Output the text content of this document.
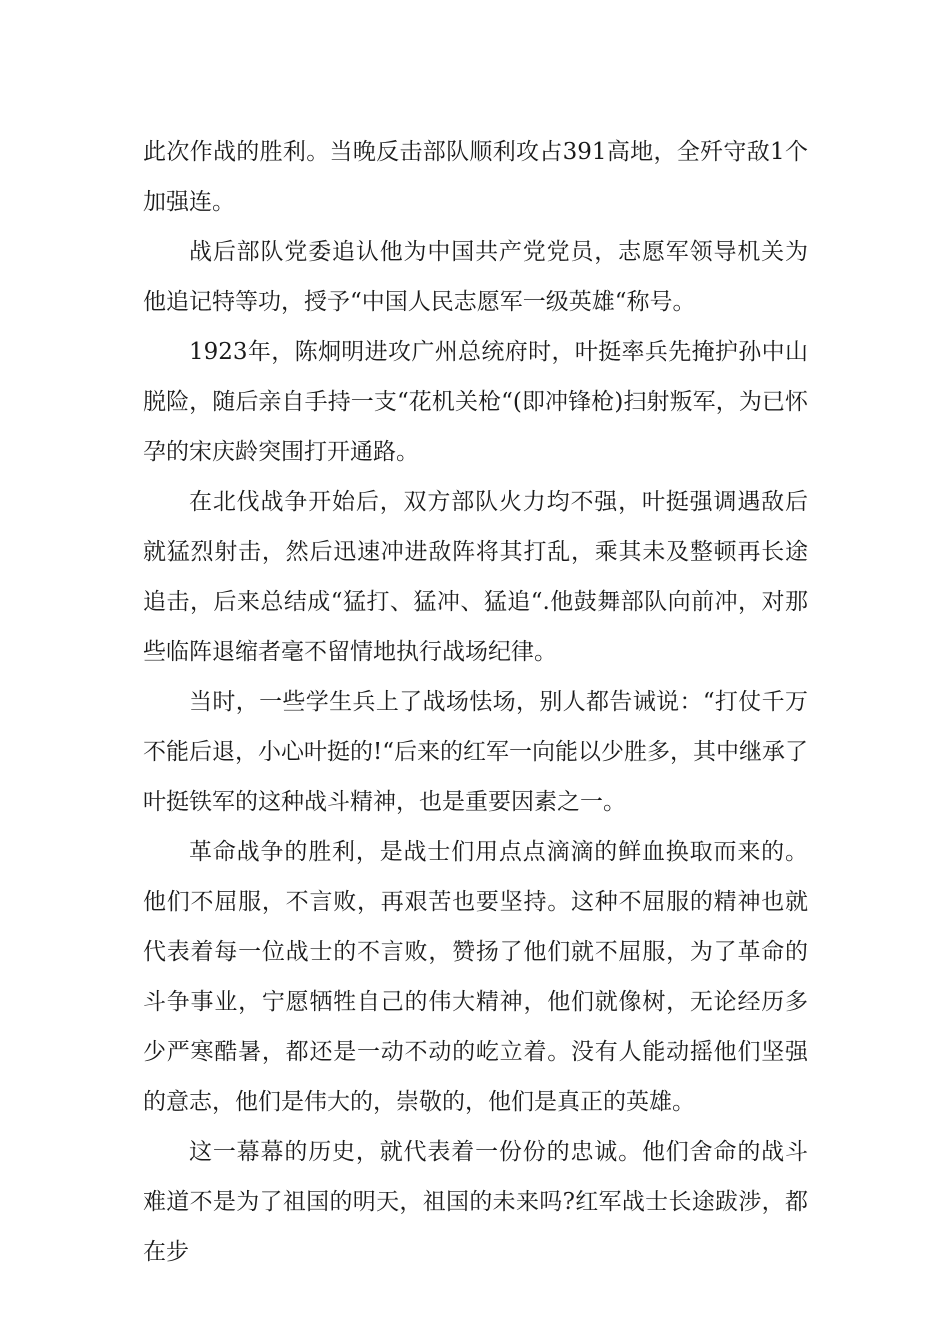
此次作战的胜利。当晚反击部队顺利攻占391高地，全歼守敌1个加强连。

战后部队党委追认他为中国共产党党员，志愿军领导机关为他追记特等功，授予“中国人民志愿军一级英雄“称号。

1923年，陈炯明进攻广州总统府时，叶挺率兵先掩护孙中山脱险，随后亲自手持一支“花机关枪“(即冲锋枪)扫射叛军，为已怀孕的宋庆龄突围打开通路。

在北伐战争开始后，双方部队火力均不强，叶挺强调遇敌后就猛烈射击，然后迅速冲进敌阵将其打乱，乘其未及整顿再长途追击，后来总结成“猛打、猛冲、猛追“.他鼓舞部队向前冲，对那些临阵退缩者毫不留情地执行战场纪律。

当时，一些学生兵上了战场怯场，别人都告诫说：“打仗千万不能后退，小心叶挺的!“后来的红军一向能以少胜多，其中继承了叶挺铁军的这种战斗精神，也是重要因素之一。

革命战争的胜利，是战士们用点点滴滴的鲜血换取而来的。他们不屈服，不言败，再艰苦也要坚持。这种不屈服的精神也就代表着每一位战士的不言败，赞扬了他们就不屈服，为了革命的斗争事业，宁愿牺牲自己的伟大精神，他们就像树，无论经历多少严寒酷暑，都还是一动不动的屹立着。没有人能动摇他们坚强的意志，他们是伟大的，崇敬的，他们是真正的英雄。

这一幕幕的历史，就代表着一份份的忠诚。他们舍命的战斗难道不是为了祖国的明天，祖国的未来吗?红军战士长途跋涉，都在步
